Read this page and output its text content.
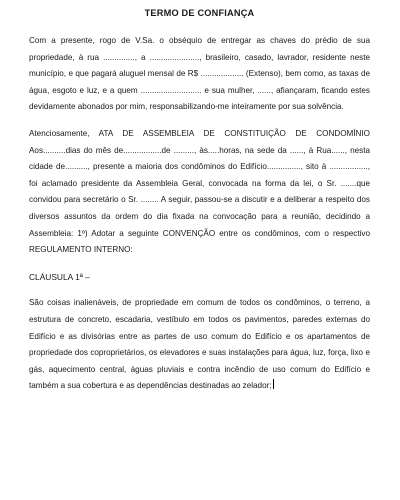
TERMO DE CONFIANÇA

Com a presente, rogo de V.Sa. o obséquio de entregar as chaves do prédio de sua propriedade, à rua .............., a ......................, brasileiro, casado, lavrador, residente neste município, e que pagará aluguel mensal de R$ ................... (Extenso), bem como, as taxas de água, esgoto e luz, e a quem ........................... e sua mulher, ......, afiançaram, ficando estes devidamente abonados por mim, responsabilizando-me inteiramente por sua solvência.

Atenciosamente, ATA DE ASSEMBLEIA DE CONSTITUIÇÃO DE CONDOMÍNIO Aos..........dias do mês de.................de ........., às.....horas, na sede da ......, à Rua......, nesta cidade de.........., presente a maioria dos condôminos do Edifício..............., sito à ................., foi aclamado presidente da Assembleia Geral, convocada na forma da lei, o Sr. .......que convidou para secretário o Sr. ........ A seguir, passou-se a discutir e a deliberar a respeito dos diversos assuntos da ordem do dia fixada na convocação para a reunião, decidindo a Assembleia: 1º) Adotar a seguinte CONVENÇÃO entre os condôminos, com o respectivo REGULAMENTO INTERNO:

CLÁUSULA 1ª –

São coisas inalienáveis, de propriedade em comum de todos os condôminos, o terreno, a estrutura de concreto, escadaria, vestíbulo em todos os pavimentos, paredes externas do Edifício e as divisórias entre as partes de uso comum do Edifício e os apartamentos de propriedade dos coproprietários, os elevadores e suas instalações para água, luz, força, lixo e gás, aquecimento central, águas pluviais e contra incêndio de uso comum do Edifício e também a sua cobertura e as dependências destinadas ao zelador;
